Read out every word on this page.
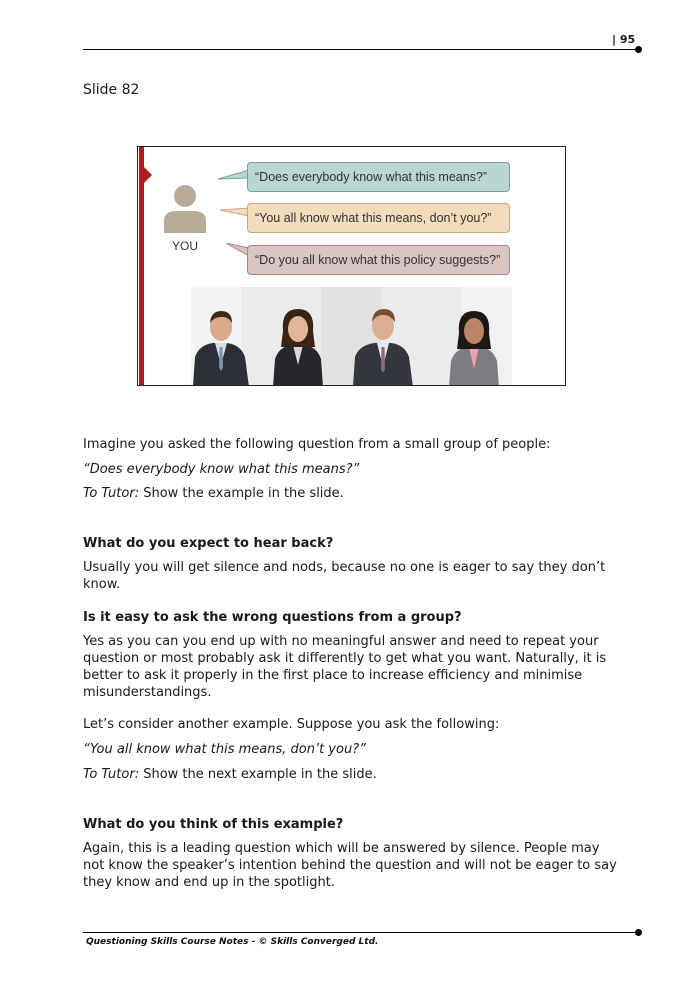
| 95
Slide 82
YOU
“Does everybody know what this means?”
“You all know what this means, don’t you?”
“Do you all know what this policy suggests?”

Imagine you asked the following question from a small group of people:

“Does everybody know what this means?”

To Tutor: Show the example in the slide.

What do you expect to hear back?

Usually you will get silence and nods, because no one is eager to say they don’t know.

Is it easy to ask the wrong questions from a group?

Yes as you can you end up with no meaningful answer and need to repeat your question or most probably ask it differently to get what you want. Naturally, it is better to ask it properly in the first place to increase efficiency and minimise misunderstandings.

Let’s consider another example. Suppose you ask the following:

“You all know what this means, don’t you?”

To Tutor: Show the next example in the slide.

What do you think of this example?

Again, this is a leading question which will be answered by silence. People may not know the speaker’s intention behind the question and will not be eager to say they know and end up in the spotlight.

Questioning Skills Course Notes - © Skills Converged Ltd.
